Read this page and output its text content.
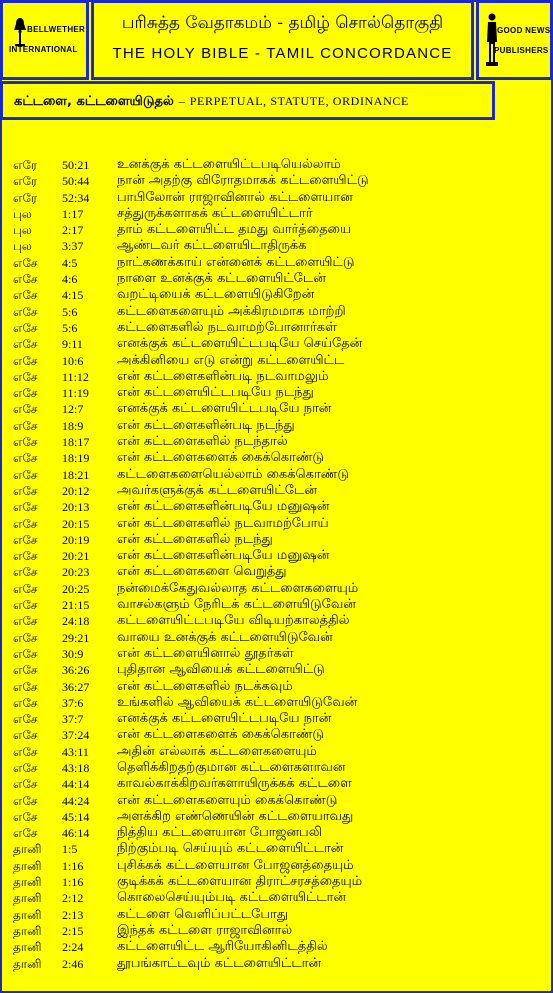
BELLWETHER
INTERNATIONAL
பரிசுத்த வேதாகமம் - தமிழ் சொல்தொகுதி
THE HOLY BIBLE - TAMIL CONCORDANCE
GOOD NEWS
PUBLISHERS
கட்டளை, கட்டளையிடுதல் – PERPETUAL, STATUTE, ORDINANCE
எரே 50:21 உனக்குக் கட்டளையிட்டபடியெல்லாம்
எரே 50:44 நான் அதற்கு விரோதமாகக் கட்டளையிட்டு
எரே 52:34 பாபிலோன் ராஜாவினால் கட்டளையான
புல	1:17	சத்துருக்களாகக் கட்டளையிட்டார்
புல	2:17	தாம் கட்டளையிட்ட தமது வார்த்தையை
புல	3:37	ஆண்டவர் கட்டளையிடாதிருக்க
எசே 4:5	நாட்கணக்காய் என்னைக் கட்டளையிட்டு
எசே 4:6	நாளை உனக்குக் கட்டளையிட்டேன்
எசே 4:15	வறட்டியைக் கட்டளையிடுகிறேன்
எசே 5:6	கட்டளைகளையும் அக்கிரமமாக மாற்றி
எசே 5:6	கட்டளைகளில் நடவாமற்போனார்கள்
எசே 9:11	எனக்குக் கட்டளையிட்டபடியே செய்தேன்
எசே 10:6	அக்கினியை எடு என்று கட்டளையிட்ட
எசே 11:12 என் கட்டளைகளின்படி நடவாமலும்
எசே 11:19 என் கட்டளையிட்டபடியே நடந்து
எசே 12:7	எனக்குக் கட்டளையிட்டபடியே நான்
எசே 18:9	என் கட்டளைகளின்படி நடந்து
எசே 18:17 என் கட்டளைகளில் நடந்தால்
எசே 18:19 என் கட்டளைகளைக் கைக்கொண்டு
எசே 18:21 கட்டளைகளையெல்லாம் கைக்கொண்டு
எசே 20:12 அவர்களுக்குக் கட்டளையிட்டேன்
எசே 20:13 என் கட்டளைகளின்படியே மனுஷன்
எசே 20:15 என் கட்டளைகளில் நடவாமற்போய்
எசே 20:19 என் கட்டளைகளில் நடந்து
எசே 20:21 என் கட்டளைகளின்படியே மனுஷன்
எசே 20:23 என் கட்டளைகளை வெறுத்து
எசே 20:25 நன்மைக்கேதுவல்லாத கட்டளைகளையும்
எசே 21:15 வாசல்களும் நேரிடக் கட்டளையிடுவேன்
எசே 24:18 கட்டளையிட்டபடியே விடியற்காலத்தில்
எசே 29:21 வாயை உனக்குக் கட்டளையிடுவேன்
எசே 30:9	என் கட்டளையினால் தூதர்கள்
எசே 36:26 புதிதான ஆவியைக் கட்டளையிட்டு
எசே 36:27 என் கட்டளைகளில் நடக்கவும்
எசே 37:6	உங்களில் ஆவியைக் கட்டளையிடுவேன்
எசே 37:7	எனக்குக் கட்டளையிட்டபடியே நான்
எசே 37:24 என் கட்டளைகளைக் கைக்கொண்டு
எசே 43:11 அதின் எல்லாக் கட்டளைகளையும்
எசே 43:18 தெளிக்கிறதற்குமான கட்டளைகளாவன
எசே 44:14 காவல்காக்கிறவர்களாயிருக்கக் கட்டளை
எசே 44:24 என் கட்டளைகளையும் கைக்கொண்டு
எசே 45:14 அளக்கிற எண்ணெயின் கட்டளையாவது
எசே 46:14 நித்திய கட்டளையான போஜனபலி
தானி 1:5	நிற்கும்படி செய்யும் கட்டளையிட்டான்
தானி 1:16	புசிக்கக் கட்டளையான போஜனத்தையும்
தானி 1:16	குடிக்கக் கட்டளையான திராட்சரசத்தையும்
தானி 2:12	கொலைசெய்யும்படி கட்டளையிட்டான்
தானி 2:13	கட்டளை வெளிப்பட்டபோது
தானி 2:15	இந்தக் கட்டளை ராஜாவினால்
தானி 2:24	கட்டளையிட்ட ஆரியோகினிடத்தில்
தானி 2:46	தூபங்காட்டவும் கட்டளையிட்டான்
